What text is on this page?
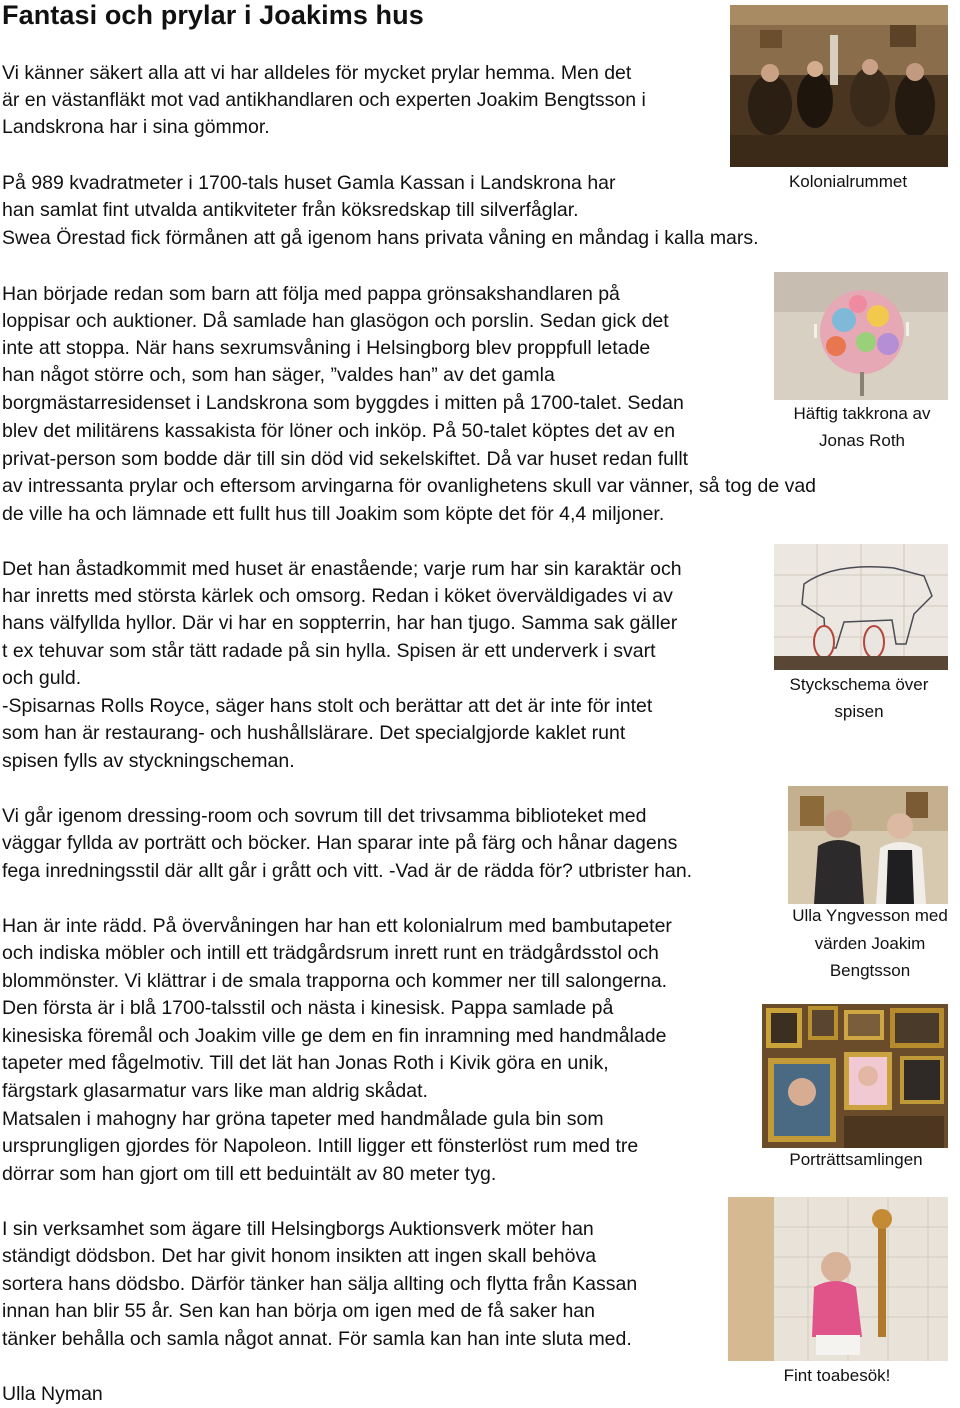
Fantasi och prylar i Joakims hus
Vi känner säkert alla att vi har alldeles för mycket prylar hemma. Men det
är en västanfläkt mot vad antikhandlaren och experten Joakim Bengtsson i
Landskrona har i sina gömmor.
På 989 kvadratmeter i 1700-tals huset Gamla Kassan i Landskrona har
han samlat fint utvalda antikviteter från köksredskap till silverfåglar.
Swea Örestad fick förmånen att gå igenom hans privata våning en måndag i kalla mars.
Han började redan som barn att följa med pappa grönsakshandlaren på
loppisar och auktioner. Då samlade han glasögon och porslin. Sedan gick det
inte att stoppa. När hans sexrumsvåning i Helsingborg blev proppfull letade
han något större och, som han säger, ”valdes han” av det gamla
borgmästarresidenset i Landskrona som byggdes i mitten på 1700-talet. Sedan
blev det militärens kassakista för löner och inköp. På 50-talet köptes det av en
privat-person som bodde där till sin död vid sekelskiftet. Då var huset redan fullt
av intressanta prylar och eftersom arvingarna för ovanlighetens skull var vänner, så tog de vad
de ville ha och lämnade ett fullt hus till Joakim som köpte det för 4,4 miljoner.
Det han åstadkommit med huset är enastående; varje rum har sin karaktär och
har inretts med största kärlek och omsorg. Redan i köket överväldigades vi av
hans välfyllda hyllor. Där vi har en soppterrin, har han tjugo. Samma sak gäller
t ex tehuvar som står tätt radade på sin hylla. Spisen är ett underverk i svart
och guld.
-Spisarnas Rolls Royce, säger hans stolt och berättar att det är inte för intet
som han är restaurang- och hushållslärare. Det specialgjorde kaklet runt
spisen fylls av styckningscheman.
Vi går igenom dressing-room och sovrum till det trivsamma biblioteket med
väggar fyllda av porträtt och böcker. Han sparar inte på färg och hånar dagens
fega inredningsstil där allt går i grått och vitt. -Vad är de rädda för? utbrister han.
Han är inte rädd. På övervåningen har han ett kolonialrum med bambutapeter
och indiska möbler och intill ett trädgårdsrum inrett runt en trädgårdsstol och
blommönster. Vi klättrar i de smala trapporna och kommer ner till salongerna.
Den första är i blå 1700-talsstil och nästa i kinesisk. Pappa samlade på
kinesiska föremål och Joakim ville ge dem en fin inramning med handmålade
tapeter med fågelmotiv. Till det lät han Jonas Roth i Kivik göra en unik,
färgstark glasarmatur vars like man aldrig skådat.
Matsalen i mahogny har gröna tapeter med handmålade gula bin som
ursprungligen gjordes för Napoleon. Intill ligger ett fönsterlöst rum med tre
dörrar som han gjort om till ett beduintält av 80 meter tyg.
I sin verksamhet som ägare till Helsingborgs Auktionsverk möter han
ständigt dödsbon. Det har givit honom insikten att ingen skall behöva
sortera hans dödsbo. Därför tänker han sälja allting och flytta från Kassan
innan han blir 55 år. Sen kan han börja om igen med de få saker han
tänker behålla och samla något annat. För samla kan han inte sluta med.
Ulla Nyman
Kolonialrummet
Häftig takkrona av
Jonas Roth
Styckschema över
spisen
Ulla Yngvesson med
värden Joakim
Bengtsson
Porträttsamlingen
Fint toabesök!
